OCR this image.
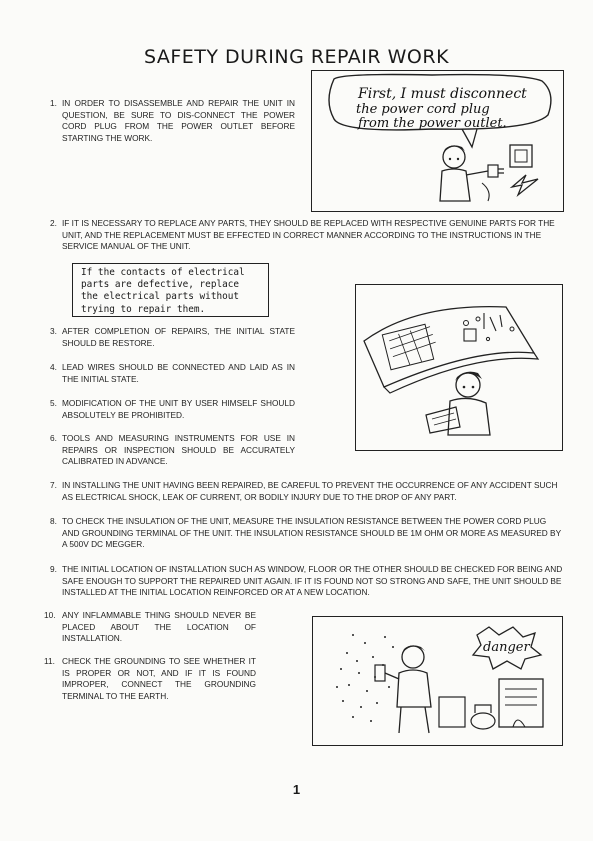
SAFETY DURING REPAIR WORK
1. IN ORDER TO DISASSEMBLE AND REPAIR THE UNIT IN QUESTION, BE SURE TO DIS-CONNECT THE POWER CORD PLUG FROM THE POWER OUTLET BEFORE STARTING THE WORK.
First, I must disconnect
the power cord plug
from the power outlet.
2. IF IT IS NECESSARY TO REPLACE ANY PARTS, THEY SHOULD BE REPLACED WITH RESPECTIVE GENUINE PARTS FOR THE UNIT, AND THE REPLACEMENT MUST BE EFFECTED IN CORRECT MANNER ACCORDING TO THE INSTRUCTIONS IN THE SERVICE MANUAL OF THE UNIT.
If the contacts of electrical
parts are defective, replace
the electrical parts without
trying to repair them.
3. AFTER COMPLETION OF REPAIRS, THE INITIAL STATE SHOULD BE RESTORE.
4. LEAD WIRES SHOULD BE CONNECTED AND LAID AS IN THE INITIAL STATE.
5. MODIFICATION OF THE UNIT BY USER HIMSELF SHOULD ABSOLUTELY BE PROHIBITED.
6. TOOLS AND MEASURING INSTRUMENTS FOR USE IN REPAIRS OR INSPECTION SHOULD BE ACCURATELY CALIBRATED IN ADVANCE.
7. IN INSTALLING THE UNIT HAVING BEEN REPAIRED, BE CAREFUL TO PREVENT THE OCCURRENCE OF ANY ACCIDENT SUCH AS ELECTRICAL SHOCK, LEAK OF CURRENT, OR BODILY INJURY DUE TO THE DROP OF ANY PART.
8. TO CHECK THE INSULATION OF THE UNIT, MEASURE THE INSULATION RESISTANCE BETWEEN THE POWER CORD PLUG AND GROUNDING TERMINAL OF THE UNIT. THE INSULATION RESISTANCE SHOULD BE 1M OHM OR MORE AS MEASURED BY A 500V DC MEGGER.
9. THE INITIAL LOCATION OF INSTALLATION SUCH AS WINDOW, FLOOR OR THE OTHER SHOULD BE CHECKED FOR BEING AND SAFE ENOUGH TO SUPPORT THE REPAIRED UNIT AGAIN. IF IT IS FOUND NOT SO STRONG AND SAFE, THE UNIT SHOULD BE INSTALLED AT THE INITIAL LOCATION REINFORCED OR AT A NEW LOCATION.
10. ANY INFLAMMABLE THING SHOULD NEVER BE PLACED ABOUT THE LOCATION OF INSTALLATION.
11. CHECK THE GROUNDING TO SEE WHETHER IT IS PROPER OR NOT, AND IF IT IS FOUND IMPROPER, CONNECT THE GROUNDING TERMINAL TO THE EARTH.
danger
1
